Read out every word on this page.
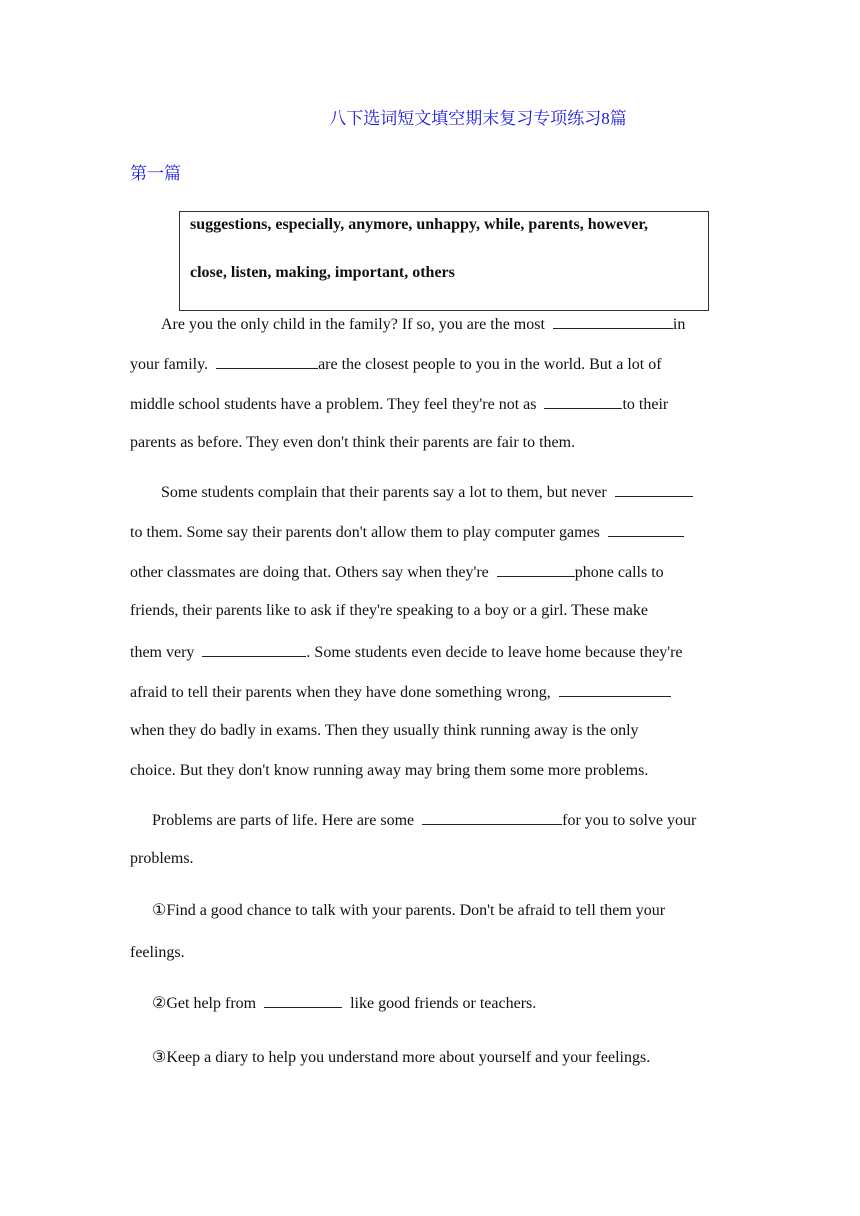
八下选词短文填空期末复习专项练习8篇
第一篇
suggestions, especially, anymore, unhappy, while, parents, however,
close, listen, making, important, others
Are you the only child in the family? If so, you are the most	in
your family.	are the closest people to you in the world. But a lot of
middle school students have a problem. They feel they're not as	to their
parents as before. They even don't think their parents are fair to them.
Some students complain that their parents say a lot to them, but never
to them. Some say their parents don't allow them to play computer games
other classmates are doing that. Others say when they're	phone calls to
friends, their parents like to ask if they're speaking to a boy or a girl. These make
them very	. Some students even decide to leave home because they're
afraid to tell their parents when they have done something wrong,
when they do badly in exams. Then they usually think running away is the only
choice. But they don't know running away may bring them some more problems.
Problems are parts of life. Here are some	for you to solve your
problems.
①Find a good chance to talk with your parents. Don't be afraid to tell them your
feelings.
②Get help from	like good friends or teachers.
③Keep a diary to help you understand more about yourself and your feelings.
